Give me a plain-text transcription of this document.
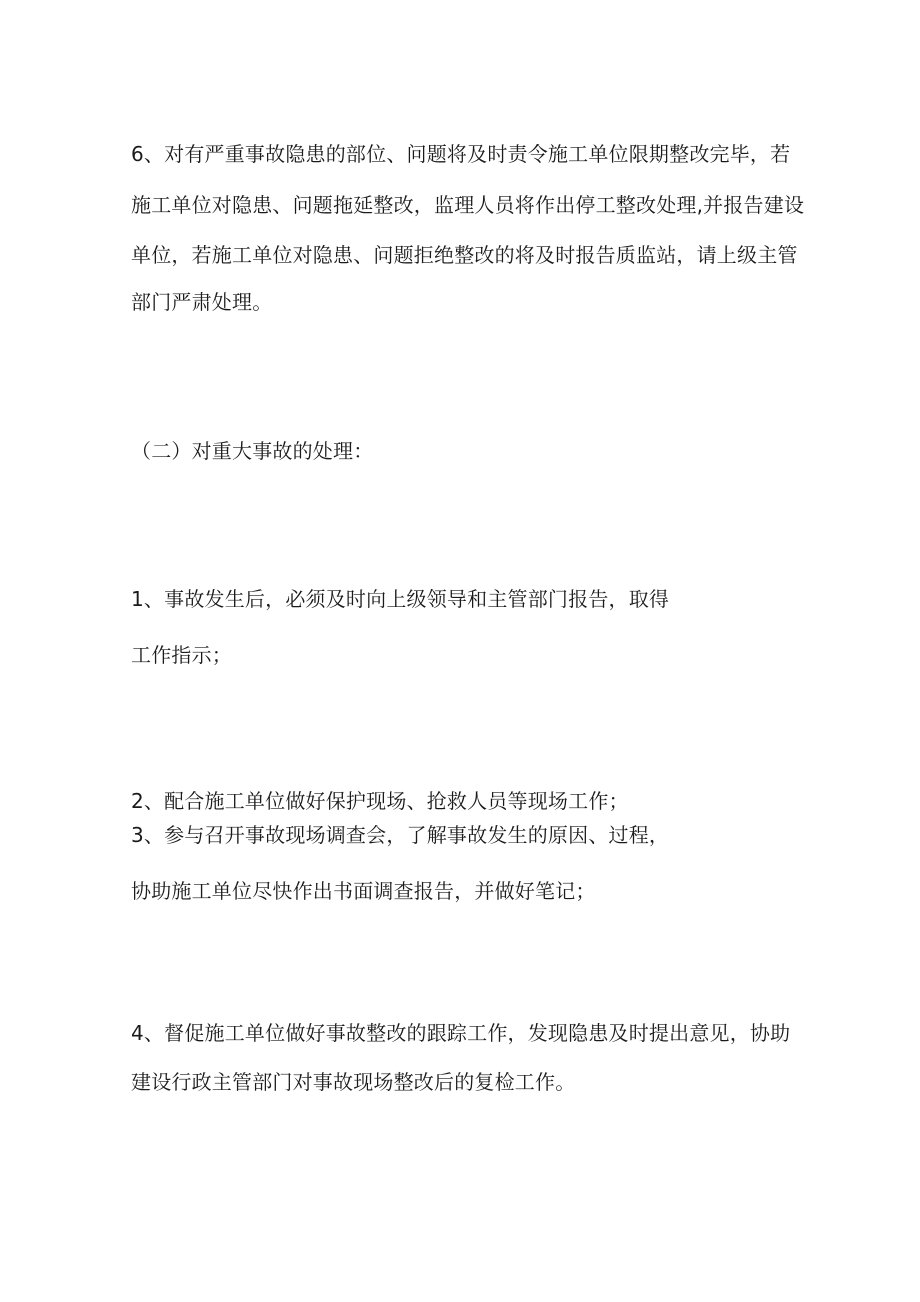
6、对有严重事故隐患的部位、问题将及时责令施工单位限期整改完毕，若
施工单位对隐患、问题拖延整改，监理人员将作出停工整改处理,并报告建设
单位，若施工单位对隐患、问题拒绝整改的将及时报告质监站，请上级主管
部门严肃处理。
（二）对重大事故的处理：
1、事故发生后，必须及时向上级领导和主管部门报告，取得
工作指示；
2、配合施工单位做好保护现场、抢救人员等现场工作；
3、参与召开事故现场调查会，了解事故发生的原因、过程，
协助施工单位尽快作出书面调查报告，并做好笔记；
4、督促施工单位做好事故整改的跟踪工作，发现隐患及时提出意见，协助
建设行政主管部门对事故现场整改后的复检工作。
